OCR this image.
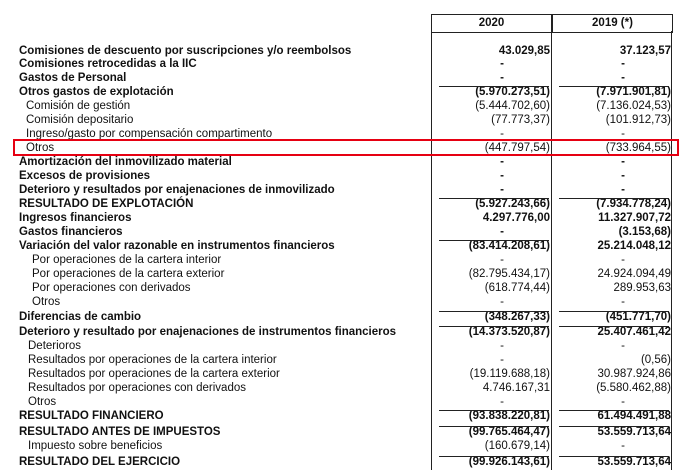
2020	2019 (*)
Comisiones de descuento por suscripciones y/o reembolsos	43.029,85	37.123,57
Comisiones retrocedidas a la IIC	-	-
Gastos de Personal	-	-
Otros gastos de explotación	(5.970.273,51)	(7.971.901,81)
Comisión de gestión	(5.444.702,60)	(7.136.024,53)
Comisión depositario	(77.773,37)	(101.912,73)
Ingreso/gasto por compensación compartimento	-	-
Otros	(447.797,54)	(733.964,55)
Amortización del inmovilizado material	-	-
Excesos de provisiones	-	-
Deterioro y resultados por enajenaciones de inmovilizado	-	-
RESULTADO DE EXPLOTACIÓN	(5.927.243,66)	(7.934.778,24)
Ingresos financieros	4.297.776,00	11.327.907,72
Gastos financieros	-	(3.153,68)
Variación del valor razonable en instrumentos financieros	(83.414.208,61)	25.214.048,12
Por operaciones de la cartera interior	-	-
Por operaciones de la cartera exterior	(82.795.434,17)	24.924.094,49
Por operaciones con derivados	(618.774,44)	289.953,63
Otros	-	-
Diferencias de cambio	(348.267,33)	(451.771,70)
Deterioro y resultado por enajenaciones de instrumentos financieros	(14.373.520,87)	25.407.461,42
Deterioros	-	-
Resultados por operaciones de la cartera interior	-	(0,56)
Resultados por operaciones de la cartera exterior	(19.119.688,18)	30.987.924,86
Resultados por operaciones con derivados	4.746.167,31	(5.580.462,88)
Otros	-	-
RESULTADO FINANCIERO	(93.838.220,81)	61.494.491,88
RESULTADO ANTES DE IMPUESTOS	(99.765.464,47)	53.559.713,64
Impuesto sobre beneficios	(160.679,14)	-
RESULTADO DEL EJERCICIO	(99.926.143,61)	53.559.713,64
